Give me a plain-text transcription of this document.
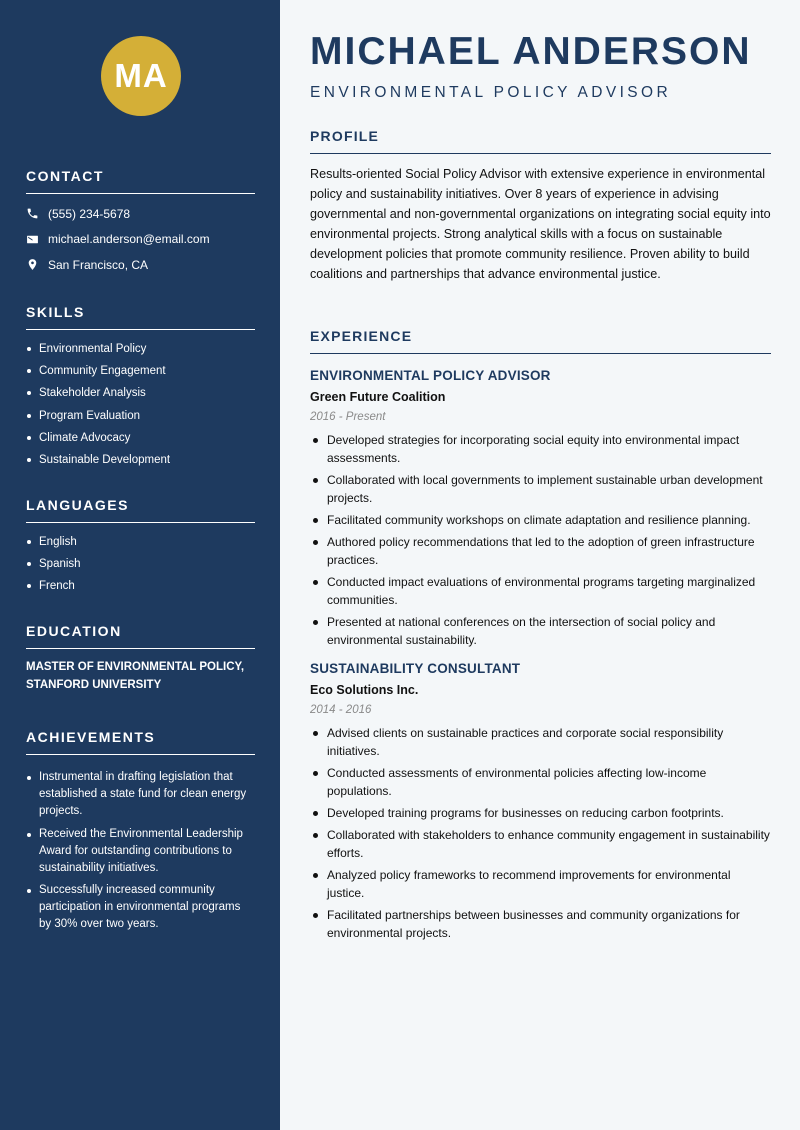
MA
CONTACT
(555) 234-5678
michael.anderson@email.com
San Francisco, CA
SKILLS
Environmental Policy
Community Engagement
Stakeholder Analysis
Program Evaluation
Climate Advocacy
Sustainable Development
LANGUAGES
English
Spanish
French
EDUCATION
MASTER OF ENVIRONMENTAL POLICY, STANFORD UNIVERSITY
ACHIEVEMENTS
Instrumental in drafting legislation that established a state fund for clean energy projects.
Received the Environmental Leadership Award for outstanding contributions to sustainability initiatives.
Successfully increased community participation in environmental programs by 30% over two years.
MICHAEL ANDERSON
ENVIRONMENTAL POLICY ADVISOR
PROFILE

Results-oriented Social Policy Advisor with extensive experience in environmental policy and sustainability initiatives. Over 8 years of experience in advising governmental and non-governmental organizations on integrating social equity into environmental projects. Strong analytical skills with a focus on sustainable development policies that promote community resilience. Proven ability to build coalitions and partnerships that advance environmental justice.

EXPERIENCE
ENVIRONMENTAL POLICY ADVISOR
Green Future Coalition
2016 - Present
Developed strategies for incorporating social equity into environmental impact assessments.
Collaborated with local governments to implement sustainable urban development projects.
Facilitated community workshops on climate adaptation and resilience planning.
Authored policy recommendations that led to the adoption of green infrastructure practices.
Conducted impact evaluations of environmental programs targeting marginalized communities.
Presented at national conferences on the intersection of social policy and environmental sustainability.
SUSTAINABILITY CONSULTANT
Eco Solutions Inc.
2014 - 2016
Advised clients on sustainable practices and corporate social responsibility initiatives.
Conducted assessments of environmental policies affecting low-income populations.
Developed training programs for businesses on reducing carbon footprints.
Collaborated with stakeholders to enhance community engagement in sustainability efforts.
Analyzed policy frameworks to recommend improvements for environmental justice.
Facilitated partnerships between businesses and community organizations for environmental projects.
